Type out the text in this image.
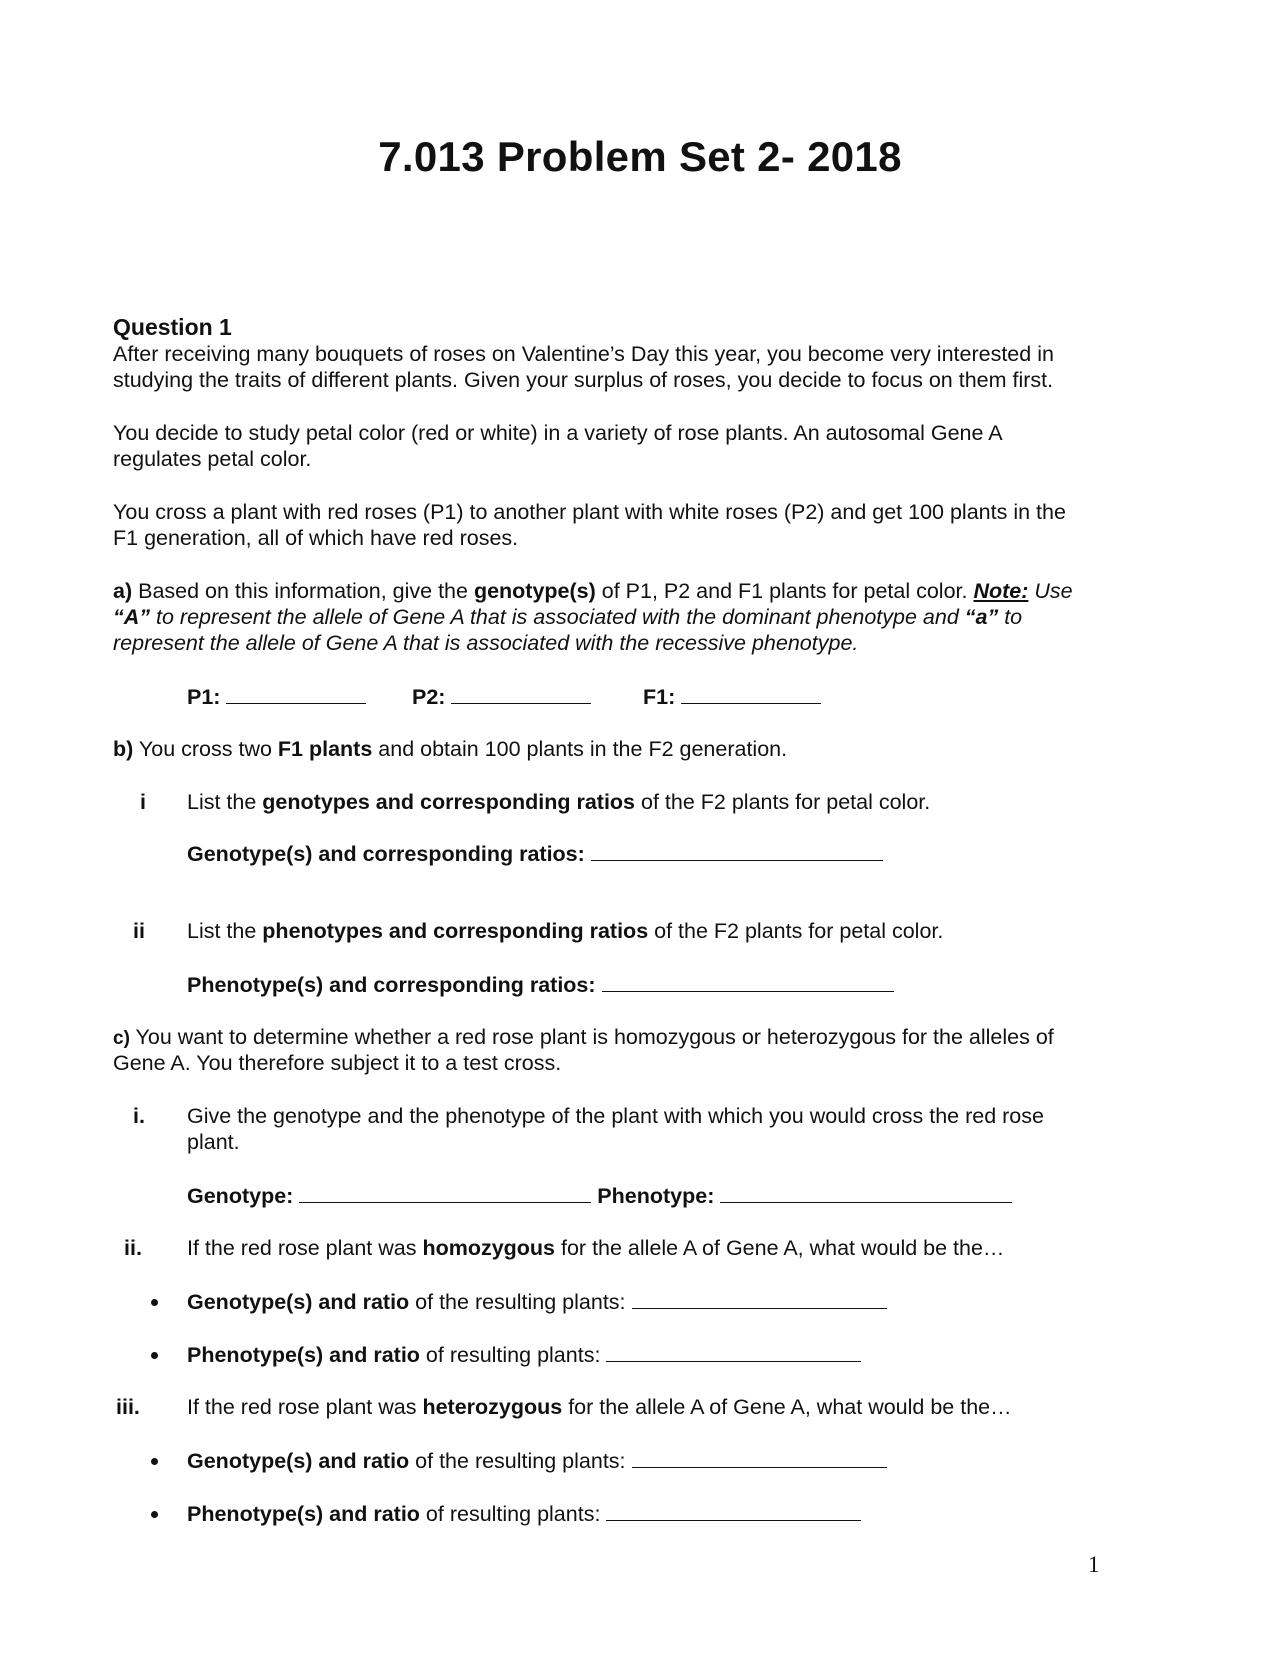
7.013 Problem Set 2- 2018
Question 1
After receiving many bouquets of roses on Valentine’s Day this year, you become very interested in
studying the traits of different plants. Given your surplus of roses, you decide to focus on them first.
You decide to study petal color (red or white) in a variety of rose plants. An autosomal Gene A
regulates petal color.
You cross a plant with red roses (P1) to another plant with white roses (P2) and get 100 plants in the
F1 generation, all of which have red roses.
a) Based on this information, give the genotype(s) of P1, P2 and F1 plants for petal color. Note: Use
“A” to represent the allele of Gene A that is associated with the dominant phenotype and “a” to
represent the allele of Gene A that is associated with the recessive phenotype.
P1:	P2:	F1:
b) You cross two F1 plants and obtain 100 plants in the F2 generation.
i List the genotypes and corresponding ratios of the F2 plants for petal color.
Genotype(s) and corresponding ratios:
ii List the phenotypes and corresponding ratios of the F2 plants for petal color.
Phenotype(s) and corresponding ratios:
c) You want to determine whether a red rose plant is homozygous or heterozygous for the alleles of
Gene A. You therefore subject it to a test cross.
i. Give the genotype and the phenotype of the plant with which you would cross the red rose
plant.
Genotype:	Phenotype:
ii. If the red rose plant was homozygous for the allele A of Gene A, what would be the…
Genotype(s) and ratio of the resulting plants:
Phenotype(s) and ratio of resulting plants:
iii. If the red rose plant was heterozygous for the allele A of Gene A, what would be the…
Genotype(s) and ratio of the resulting plants:
Phenotype(s) and ratio of resulting plants:
1
